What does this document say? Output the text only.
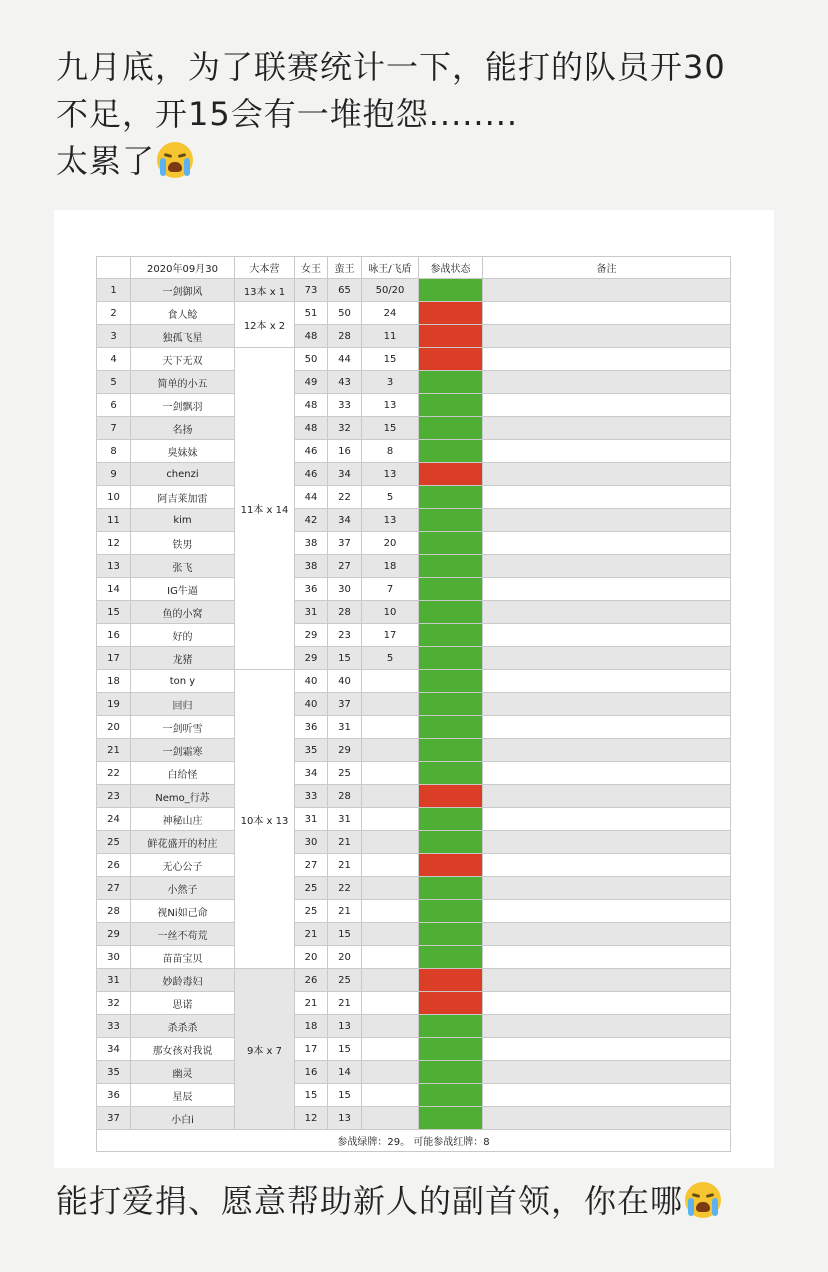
九月底，为了联赛统计一下，能打的队员开30
不足，开15会有一堆抱怨........
太累了
	2020年09月30	大本营	女王	蛮王	咏王/飞盾	参战状态	备注
1	一剑御风	13本 x 1	73	65	50/20		
2	食人鲶	12本 x 2	51	50	24		
3	独孤飞星		48	28	11		
4	天下无双	11本 x 14	50	44	15		
5	简单的小五		49	43	3		
6	一剑飘羽		48	33	13		
7	名扬		48	32	15		
8	臭妹妹		46	16	8		
9	chenzi		46	34	13		
10	阿吉莱加雷		44	22	5		
11	kim		42	34	13		
12	铁男		38	37	20		
13	张飞		38	27	18		
14	IG牛逼		36	30	7		
15	鱼的小窝		31	28	10		
16	好的		29	23	17		
17	龙猪		29	15	5		
18	ton y	10本 x 13	40	40			
19	回归		40	37			
20	一剑听雪		36	31			
21	一剑霜寒		35	29			
22	白给怪		34	25			
23	Nemo_行苏		33	28			
24	神秘山庄		31	31			
25	鲜花盛开的村庄		30	21			
26	无心公子		27	21			
27	小然子		25	22			
28	视Ni如己命		25	21			
29	一丝不苟荒		21	15			
30	苗苗宝贝		20	20			
31	妙龄毒妇	9本 x 7	26	25			
32	思诺		21	21			
33	杀杀杀		18	13			
34	那女孩对我说		17	15			
35	幽灵		16	14			
36	星辰		15	15			
37	小白i		12	13			
参战绿牌：29。 可能参战红牌：8							
能打爱捐、愿意帮助新人的副首领，你在哪
